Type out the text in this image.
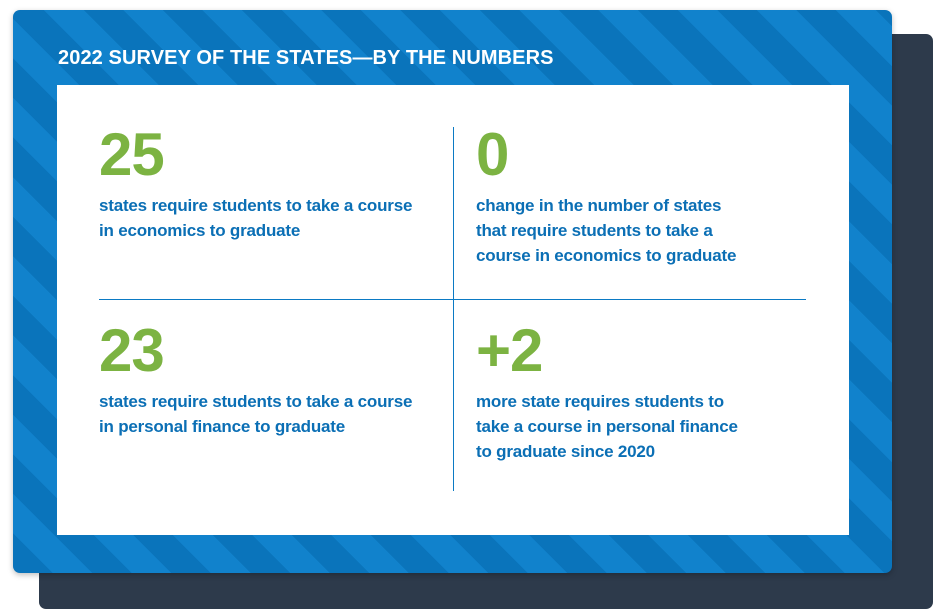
2022 SURVEY OF THE STATES—BY THE NUMBERS

25

states require students to take a course in economics to graduate

0

change in the number of states that require students to take a course in economics to graduate

23

states require students to take a course in personal finance to graduate

+2

more state requires students to take a course in personal finance to graduate since 2020
